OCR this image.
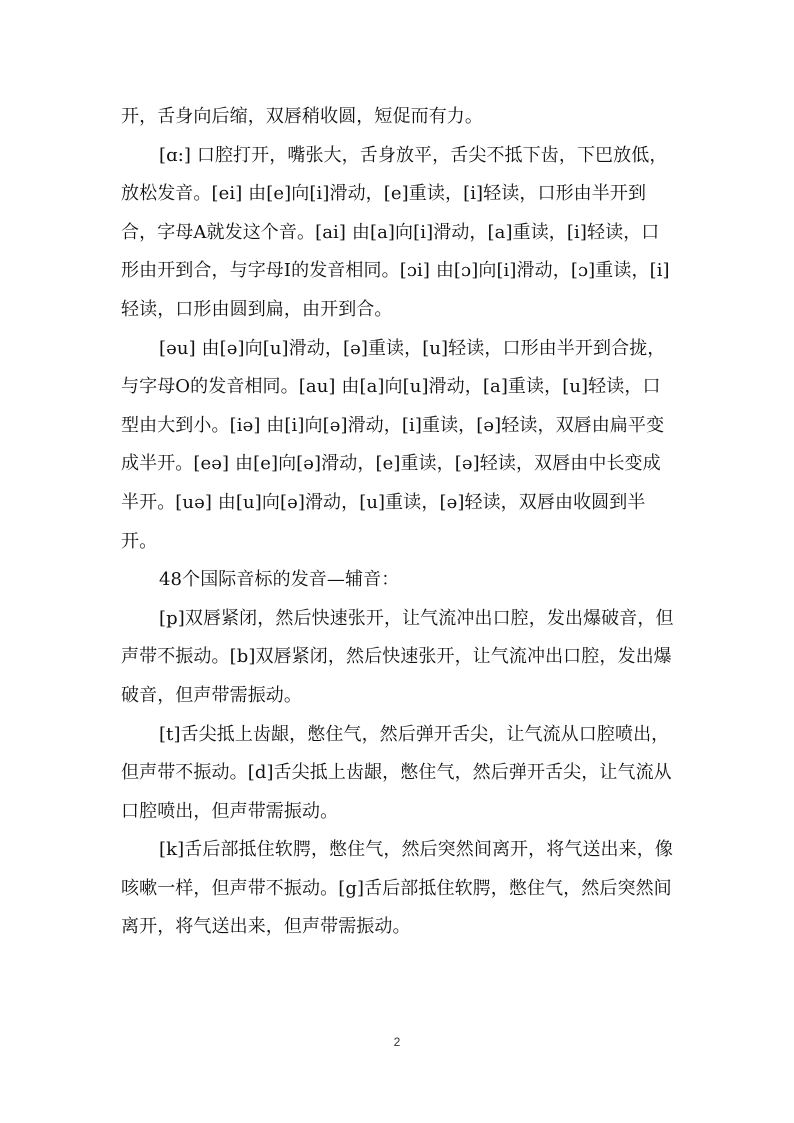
开，舌身向后缩，双唇稍收圆，短促而有力。

[ɑ:] 口腔打开，嘴张大，舌身放平，舌尖不抵下齿，下巴放低，放松发音。[ei] 由[e]向[i]滑动，[e]重读，[i]轻读，口形由半开到合，字母A就发这个音。[ai] 由[a]向[i]滑动，[a]重读，[i]轻读，口形由开到合，与字母I的发音相同。[ɔi] 由[ɔ]向[i]滑动，[ɔ]重读，[i]轻读，口形由圆到扁，由开到合。

[əu] 由[ə]向[u]滑动，[ə]重读，[u]轻读，口形由半开到合拢，与字母O的发音相同。[au] 由[a]向[u]滑动，[a]重读，[u]轻读，口型由大到小。[iə] 由[i]向[ə]滑动，[i]重读，[ə]轻读，双唇由扁平变成半开。[eə] 由[e]向[ə]滑动，[e]重读，[ə]轻读，双唇由中长变成半开。[uə] 由[u]向[ə]滑动，[u]重读，[ə]轻读，双唇由收圆到半开。

48个国际音标的发音—辅音：

[p]双唇紧闭，然后快速张开，让气流冲出口腔，发出爆破音，但声带不振动。[b]双唇紧闭，然后快速张开，让气流冲出口腔，发出爆破音，但声带需振动。

[t]舌尖抵上齿龈，憋住气，然后弹开舌尖，让气流从口腔喷出，但声带不振动。[d]舌尖抵上齿龈，憋住气，然后弹开舌尖，让气流从口腔喷出，但声带需振动。

[k]舌后部抵住软腭，憋住气，然后突然间离开，将气送出来，像咳嗽一样，但声带不振动。[g]舌后部抵住软腭，憋住气，然后突然间离开，将气送出来，但声带需振动。

2
